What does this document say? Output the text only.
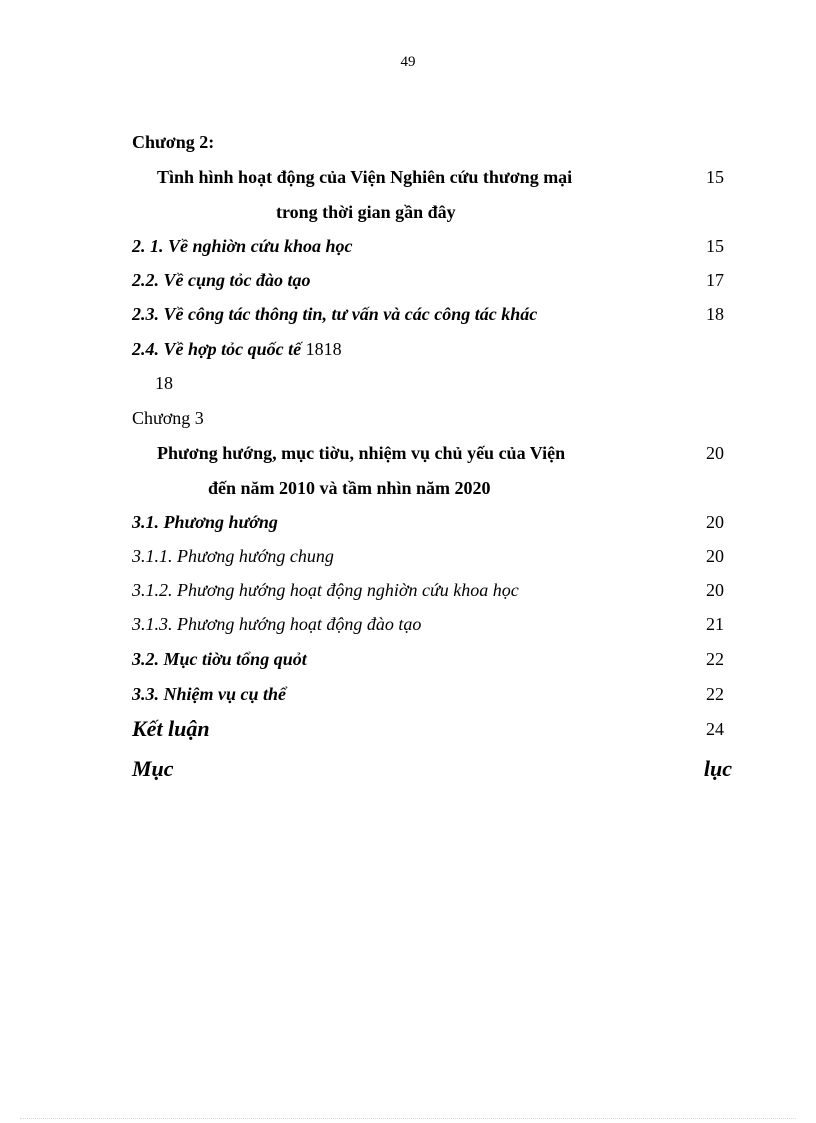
49
Chương 2:
Tình hình hoạt động của Viện Nghiên cứu thương mại	15
trong thời gian gần đây
2. 1. Về nghiờn cứu khoa học	15
2.2. Về cụng tỏc đào tạo	17
2.3. Về công tác thông tin, tư vấn và các công tác khác	18
2.4. Về hợp tỏc quốc tế 1818
18
Chương 3
Phương hướng, mục tiờu, nhiệm vụ chủ yếu của Viện	20
đến năm 2010 và tầm nhìn năm 2020
3.1. Phương hướng	20
3.1.1. Phương hướng chung	20
3.1.2. Phương hướng hoạt động nghiờn cứu khoa học	20
3.1.3. Phương hướng hoạt động đào tạo	21
3.2. Mục tiờu tổng quỏt	22
3.3. Nhiệm vụ cụ thể	22
Kết luận	24
Mục	lục
